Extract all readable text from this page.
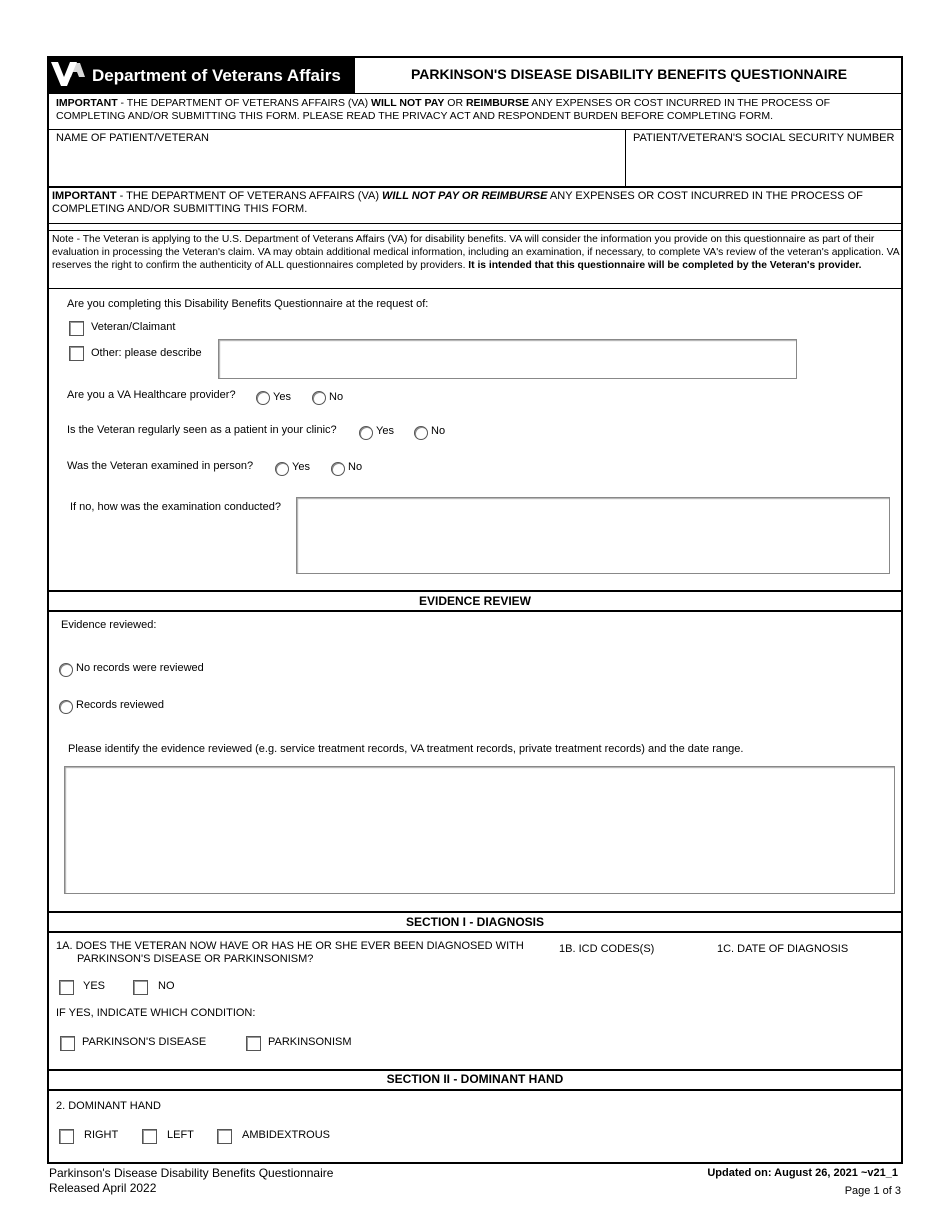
Department of Veterans Affairs	PARKINSON'S DISEASE DISABILITY BENEFITS QUESTIONNAIRE
IMPORTANT - THE DEPARTMENT OF VETERANS AFFAIRS (VA) WILL NOT PAY OR REIMBURSE ANY EXPENSES OR COST INCURRED IN THE PROCESS OF COMPLETING AND/OR SUBMITTING THIS FORM. PLEASE READ THE PRIVACY ACT AND RESPONDENT BURDEN BEFORE COMPLETING FORM.
NAME OF PATIENT/VETERAN	PATIENT/VETERAN'S SOCIAL SECURITY NUMBER
IMPORTANT - THE DEPARTMENT OF VETERANS AFFAIRS (VA) WILL NOT PAY OR REIMBURSE ANY EXPENSES OR COST INCURRED IN THE PROCESS OF COMPLETING AND/OR SUBMITTING THIS FORM.
Note - The Veteran is applying to the U.S. Department of Veterans Affairs (VA) for disability benefits. VA will consider the information you provide on this questionnaire as part of their evaluation in processing the Veteran's claim. VA may obtain additional medical information, including an examination, if necessary, to complete VA's review of the veteran's application. VA reserves the right to confirm the authenticity of ALL questionnaires completed by providers. It is intended that this questionnaire will be completed by the Veteran's provider.
Are you completing this Disability Benefits Questionnaire at the request of:
Veteran/Claimant
Other: please describe
Are you a VA Healthcare provider?	Yes	No
Is the Veteran regularly seen as a patient in your clinic?	Yes	No
Was the Veteran examined in person?	Yes	No
If no, how was the examination conducted?
EVIDENCE REVIEW
Evidence reviewed:
No records were reviewed
Records reviewed
Please identify the evidence reviewed (e.g. service treatment records, VA treatment records, private treatment records) and the date range.
SECTION I - DIAGNOSIS
1A. DOES THE VETERAN NOW HAVE OR HAS HE OR SHE EVER BEEN DIAGNOSED WITH
PARKINSON'S DISEASE OR PARKINSONISM?
1B. ICD CODES(S)	1C. DATE OF DIAGNOSIS
YES	NO
IF YES, INDICATE WHICH CONDITION:
PARKINSON'S DISEASE	PARKINSONISM
SECTION II - DOMINANT HAND
2. DOMINANT HAND
RIGHT	LEFT	AMBIDEXTROUS
Parkinson's Disease Disability Benefits Questionnaire
Released April 2022
Updated on: August 26, 2021 ~v21_1
Page 1 of 3
